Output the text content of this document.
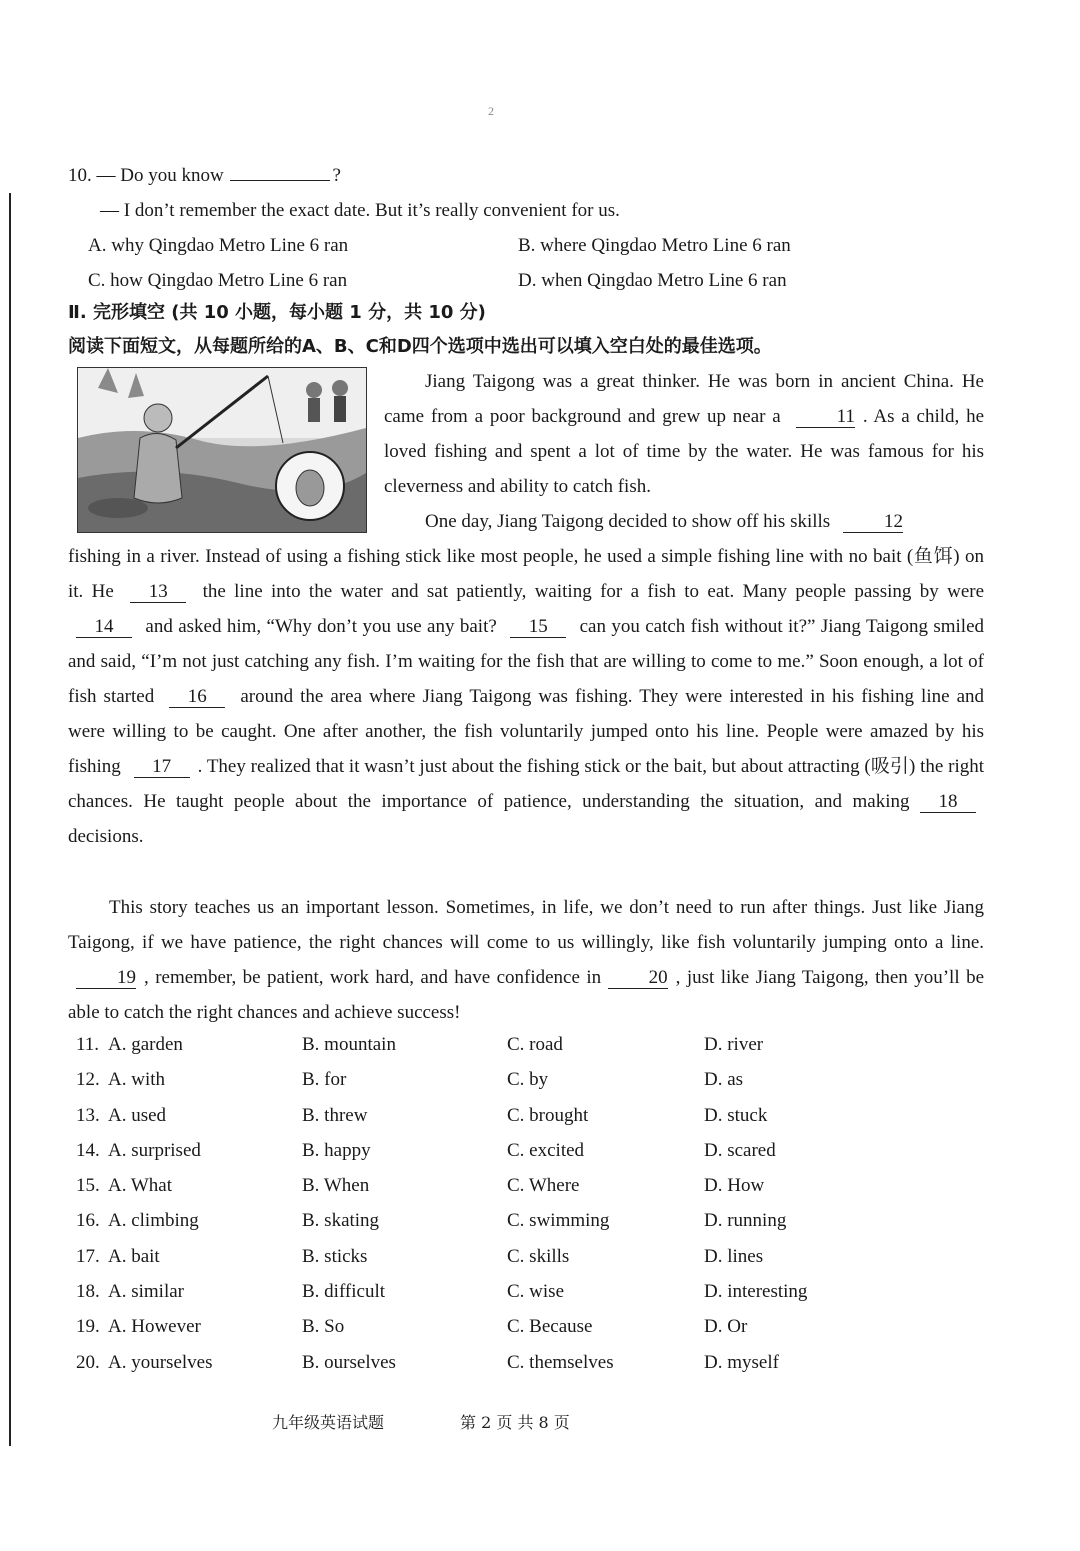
2
10. — Do you know	?
— I don’t remember the exact date. But it’s really convenient for us.
A. why Qingdao Metro Line 6 ran	B. where Qingdao Metro Line 6 ran
C. how Qingdao Metro Line 6 ran	D. when Qingdao Metro Line 6 ran
Ⅱ. 完形填空 (共 10 小题，每小题 1 分，共 10 分)
阅读下面短文，从每题所给的A、B、C和D四个选项中选出可以填入空白处的最佳选项。
Jiang Taigong was a great thinker. He was born in ancient China. He came from a poor background and grew up near a	11 . As a child, he loved fishing and spent a lot of time by the water. He was famous for his cleverness and ability to catch fish.
One day, Jiang Taigong decided to show off his skills	12
fishing in a river. Instead of using a fishing stick like most people, he used a simple fishing line with no bait (鱼饵) on it. He 13 the line into the water and sat patiently, waiting for a fish to eat. Many people passing by were 14 and asked him, “Why don’t you use any bait? 15 can you catch fish without it?” Jiang Taigong smiled and said, “I’m not just catching any fish. I’m waiting for the fish that are willing to come to me.” Soon enough, a lot of fish started 16 around the area where Jiang Taigong was fishing. They were interested in his fishing line and were willing to be caught. One after another, the fish voluntarily jumped onto his line. People were amazed by his fishing 17 . They realized that it wasn’t just about the fishing stick or the bait, but about attracting (吸引) the right chances. He taught people about the importance of patience, understanding the situation, and making 18 decisions.
This story teaches us an important lesson. Sometimes, in life, we don’t need to run after things. Just like Jiang Taigong, if we have patience, the right chances will come to us willingly, like fish voluntarily jumping onto a line. 19 , remember, be patient, work hard, and have confidence in 20 , just like Jiang Taigong, then you’ll be able to catch the right chances and achieve success!
11. A. garden	B. mountain	C. road	D. river
12. A. with	B. for	C. by	D. as
13. A. used	B. threw	C. brought	D. stuck
14. A. surprised	B. happy	C. excited	D. scared
15. A. What	B. When	C. Where	D. How
16. A. climbing	B. skating	C. swimming	D. running
17. A. bait	B. sticks	C. skills	D. lines
18. A. similar	B. difficult	C. wise	D. interesting
19. A. However	B. So	C. Because	D. Or
20. A. yourselves	B. ourselves	C. themselves	D. myself
九年级英语试题	第 2 页 共 8 页
